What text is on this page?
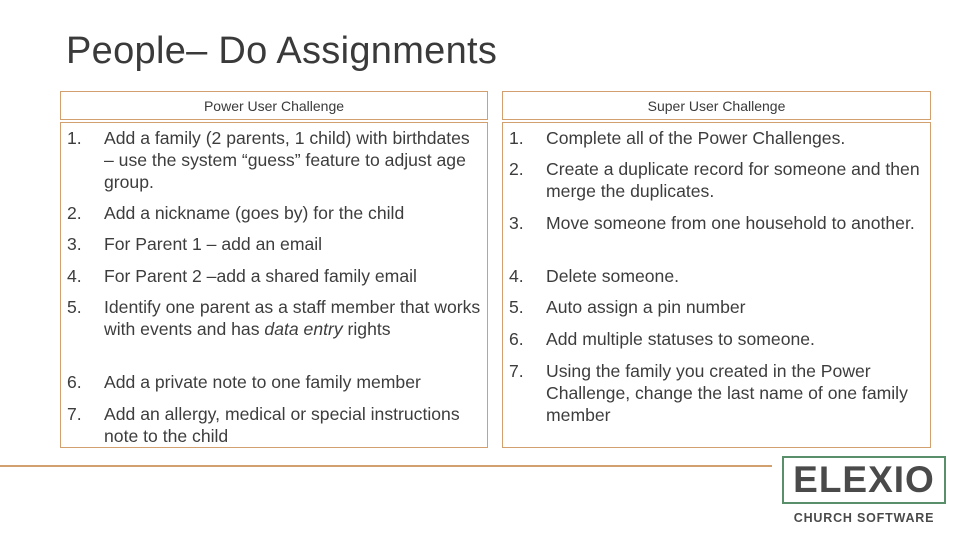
People– Do Assignments
Power User Challenge	Super User Challenge
1.	Add a family (2 parents, 1 child) with birthdates – use the system “guess” feature to adjust age group.
2.	Add a nickname (goes by) for the child
3.	For Parent 1 – add an email
4.	For Parent 2 –add a shared family email
5.	Identify one parent as a staff member that works with events and has data entry rights
6.	Add a private note to one family member
7.	Add an allergy, medical or special instructions note to the child
1.	Complete all of the Power Challenges.
2.	Create a duplicate record for someone and then merge the duplicates.
3.	Move someone from one household to another.
4.	Delete someone.
5.	Auto assign a pin number
6.	Add multiple statuses to someone.
7.	Using the family you created in the Power Challenge, change the last name of one family member
ELEXIO
CHURCH SOFTWARE
